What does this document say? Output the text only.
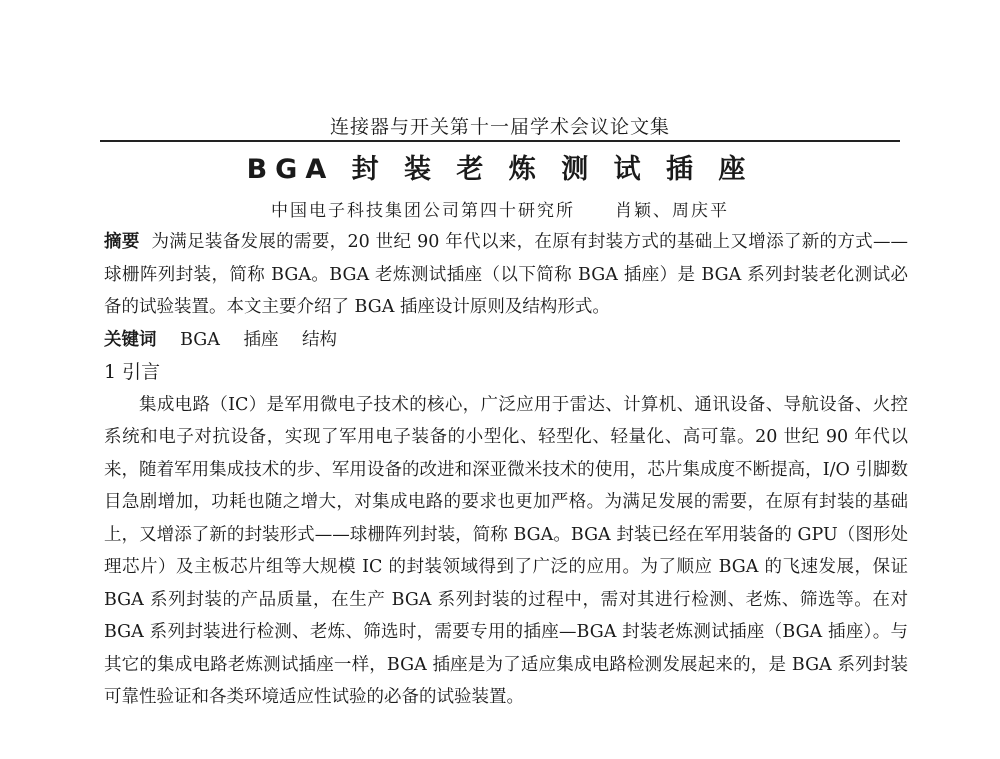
连接器与开关第十一届学术会议论文集
BGA 封 装 老 炼 测 试 插 座
中国电子科技集团公司第四十研究所 肖颖、周庆平

摘要 为满足装备发展的需要，20 世纪 90 年代以来，在原有封装方式的基础上又增添了新的方式——球栅阵列封装，简称 BGA。BGA 老炼测试插座（以下简称 BGA 插座）是 BGA 系列封装老化测试必备的试验装置。本文主要介绍了 BGA 插座设计原则及结构形式。

关键词 BGA 插座 结构

1 引言

集成电路（IC）是军用微电子技术的核心，广泛应用于雷达、计算机、通讯设备、导航设备、火控系统和电子对抗设备，实现了军用电子装备的小型化、轻型化、轻量化、高可靠。20 世纪 90 年代以来，随着军用集成技术的步、军用设备的改进和深亚微米技术的使用，芯片集成度不断提高，I/O 引脚数目急剧增加，功耗也随之增大，对集成电路的要求也更加严格。为满足发展的需要，在原有封装的基础上，又增添了新的封装形式——球栅阵列封装，简称 BGA。BGA 封装已经在军用装备的 GPU（图形处理芯片）及主板芯片组等大规模 IC 的封装领域得到了广泛的应用。为了顺应 BGA 的飞速发展，保证 BGA 系列封装的产品质量，在生产 BGA 系列封装的过程中，需对其进行检测、老炼、筛选等。在对 BGA 系列封装进行检测、老炼、筛选时，需要专用的插座—BGA 封装老炼测试插座（BGA 插座）。与其它的集成电路老炼测试插座一样，BGA 插座是为了适应集成电路检测发展起来的，是 BGA 系列封装可靠性验证和各类环境适应性试验的必备的试验装置。
